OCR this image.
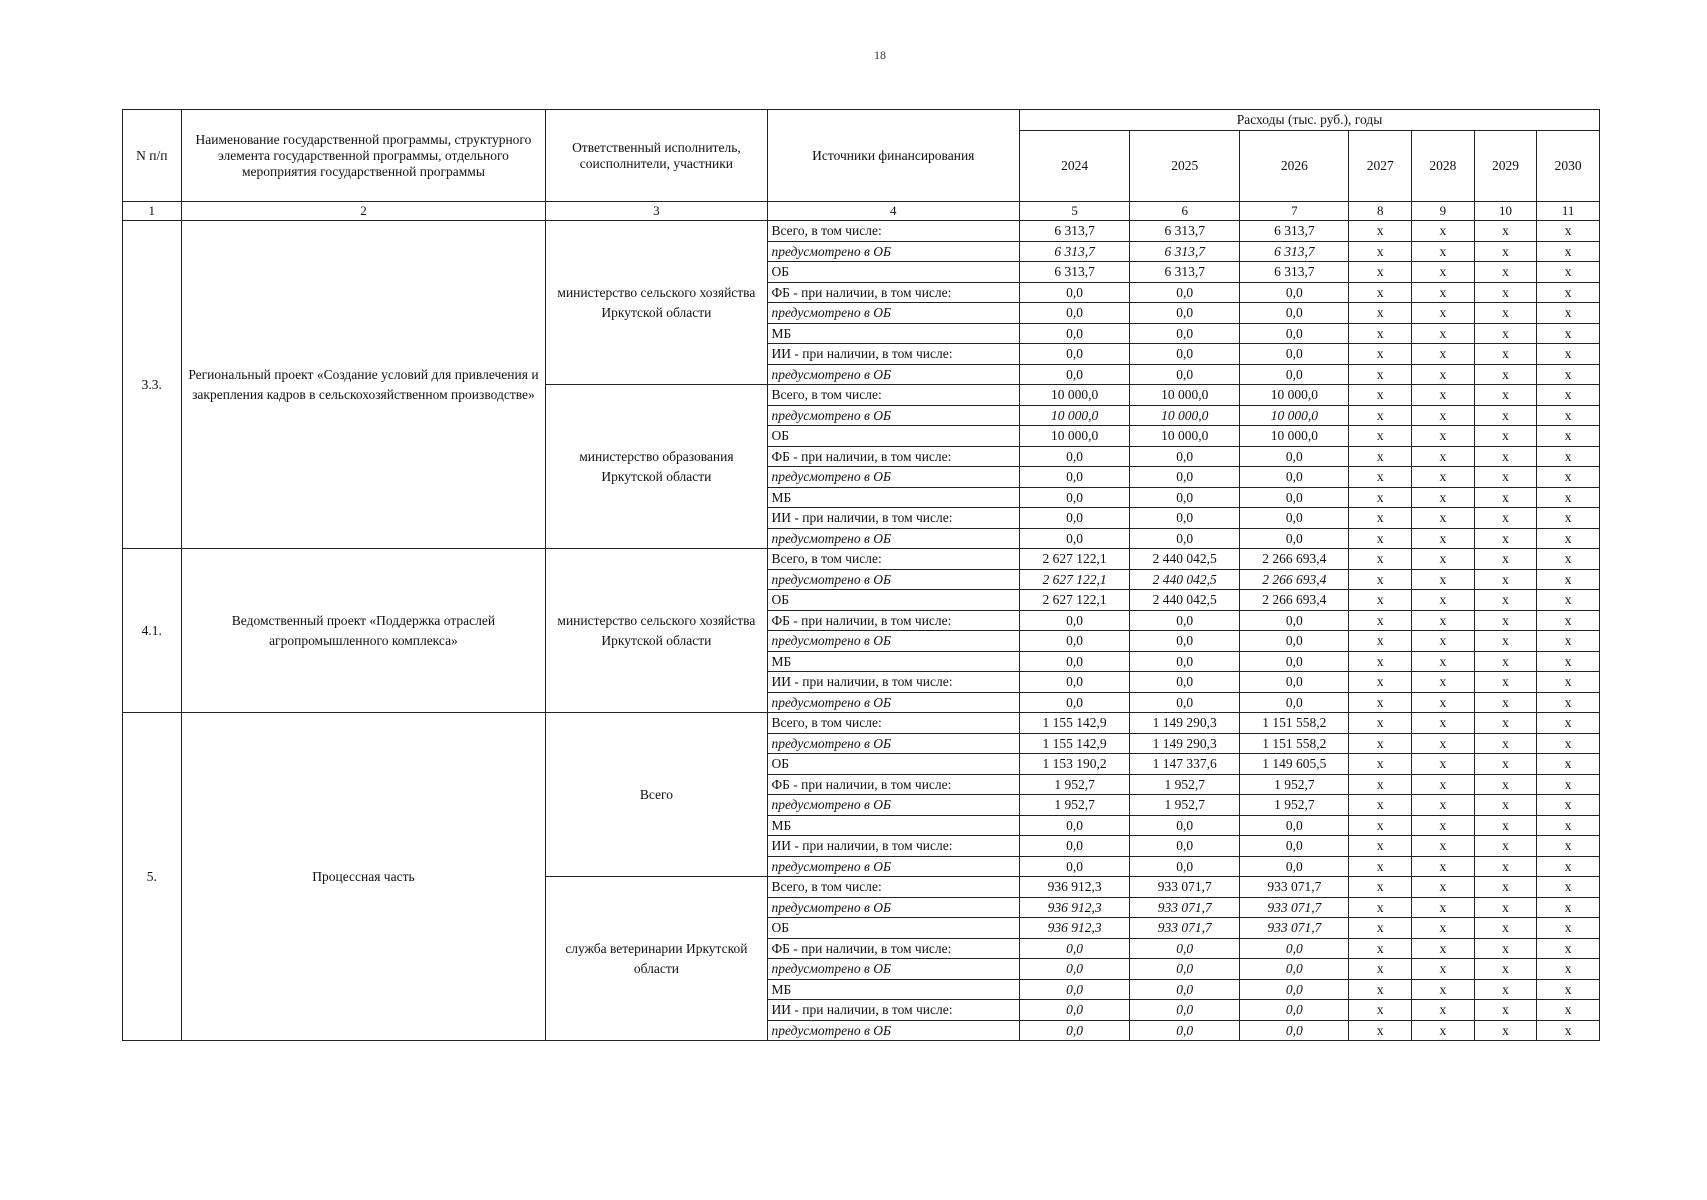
18
N п/п	Наименование государственной программы, структурного элемента государственной программы, отдельного мероприятия государственной программы	Ответственный исполнитель, соисполнители, участники	Источники финансирования	Расходы (тыс. руб.), годы						
				2024	2025	2026	2027	2028	2029	2030
1	2	3	4	5	6	7	8	9	10	11
3.3.	Региональный проект «Создание условий для привлечения и закрепления кадров в сельскохозяйственном производстве»	министерство сельского хозяйства Иркутской области	Всего, в том числе:	6 313,7	6 313,7	6 313,7	х	х	х	х
			предусмотрено в ОБ	6 313,7	6 313,7	6 313,7	х	х	х	х
			ОБ	6 313,7	6 313,7	6 313,7	х	х	х	х
			ФБ - при наличии, в том числе:	0,0	0,0	0,0	х	х	х	х
			предусмотрено в ОБ	0,0	0,0	0,0	х	х	х	х
			МБ	0,0	0,0	0,0	х	х	х	х
			ИИ - при наличии, в том числе:	0,0	0,0	0,0	х	х	х	х
			предусмотрено в ОБ	0,0	0,0	0,0	х	х	х	х
		министерство образования Иркутской области	Всего, в том числе:	10 000,0	10 000,0	10 000,0	х	х	х	х
			предусмотрено в ОБ	10 000,0	10 000,0	10 000,0	х	х	х	х
			ОБ	10 000,0	10 000,0	10 000,0	х	х	х	х
			ФБ - при наличии, в том числе:	0,0	0,0	0,0	х	х	х	х
			предусмотрено в ОБ	0,0	0,0	0,0	х	х	х	х
			МБ	0,0	0,0	0,0	х	х	х	х
			ИИ - при наличии, в том числе:	0,0	0,0	0,0	х	х	х	х
			предусмотрено в ОБ	0,0	0,0	0,0	х	х	х	х
4.1.	Ведомственный проект «Поддержка отраслей агропромышленного комплекса»	министерство сельского хозяйства Иркутской области	Всего, в том числе:	2 627 122,1	2 440 042,5	2 266 693,4	х	х	х	х
			предусмотрено в ОБ	2 627 122,1	2 440 042,5	2 266 693,4	х	х	х	х
			ОБ	2 627 122,1	2 440 042,5	2 266 693,4	х	х	х	х
			ФБ - при наличии, в том числе:	0,0	0,0	0,0	х	х	х	х
			предусмотрено в ОБ	0,0	0,0	0,0	х	х	х	х
			МБ	0,0	0,0	0,0	х	х	х	х
			ИИ - при наличии, в том числе:	0,0	0,0	0,0	х	х	х	х
			предусмотрено в ОБ	0,0	0,0	0,0	х	х	х	х
5.	Процессная часть	Всего	Всего, в том числе:	1 155 142,9	1 149 290,3	1 151 558,2	х	х	х	х
			предусмотрено в ОБ	1 155 142,9	1 149 290,3	1 151 558,2	х	х	х	х
			ОБ	1 153 190,2	1 147 337,6	1 149 605,5	х	х	х	х
			ФБ - при наличии, в том числе:	1 952,7	1 952,7	1 952,7	х	х	х	х
			предусмотрено в ОБ	1 952,7	1 952,7	1 952,7	х	х	х	х
			МБ	0,0	0,0	0,0	х	х	х	х
			ИИ - при наличии, в том числе:	0,0	0,0	0,0	х	х	х	х
			предусмотрено в ОБ	0,0	0,0	0,0	х	х	х	х
		служба ветеринарии Иркутской области	Всего, в том числе:	936 912,3	933 071,7	933 071,7	х	х	х	х
			предусмотрено в ОБ	936 912,3	933 071,7	933 071,7	х	х	х	х
			ОБ	936 912,3	933 071,7	933 071,7	х	х	х	х
			ФБ - при наличии, в том числе:	0,0	0,0	0,0	х	х	х	х
			предусмотрено в ОБ	0,0	0,0	0,0	х	х	х	х
			МБ	0,0	0,0	0,0	х	х	х	х
			ИИ - при наличии, в том числе:	0,0	0,0	0,0	х	х	х	х
			предусмотрено в ОБ	0,0	0,0	0,0	х	х	х	х
